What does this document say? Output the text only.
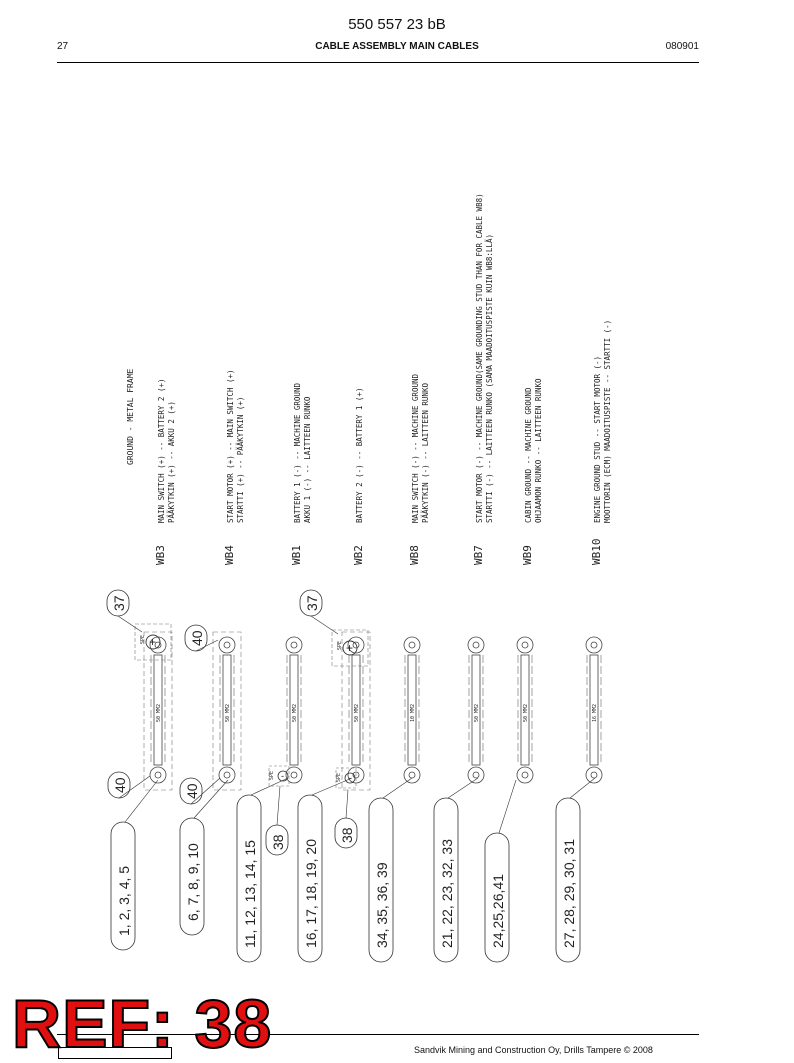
550 557 23 bB
27	CABLE ASSEMBLY MAIN CABLES	080901
GROUND - METAL FRAME
WB3
MAIN SWITCH (+) -- BATTERY 2 (+) PÄÄKYTKIN (+) -- AKKU 2 (+)
50 MM2
1, 2, 3, 4, 5
WB4
START MOTOR (+) -- MAIN SWITCH (+) STARTTI (+) -- PÄÄKYTKIN (+)
50 MM2
6, 7, 8, 9, 10
WB1
BATTERY 1 (-) -- MACHINE GROUND AKKU 1 (-) -- LAITTEEN RUNKO
50 MM2
11, 12, 13, 14, 15
WB2
BATTERY 2 (-) -- BATTERY 1 (+)
50 MM2
16, 17, 18, 19, 20
WB8
MAIN SWITCH (-) -- MACHINE GROUND PÄÄKYTKIN (-) -- LAITTEEN RUNKO
10 MM2
34, 35, 36, 39
WB7
START MOTOR (-) -- MACHINE GROUND(SAME GROUNDING STUD THAN FOR CABLE WB8) STARTTI (-) -- LAITTEEN RUNKO (SAMA MAADOITUSPISTE KUIN WB8:LLÄ)
50 MM2
21, 22, 23, 32, 33
WB9
CABIN GROUND -- MACHINE GROUND OHJAAMON RUNKO -- LAITTEEN RUNKO
50 MM2
24,25,26,41
WB10
ENGINE GROUND STUD -- START MOTOR (-) MOOTTORIN (ECM) MAADOITUSPISTE -- STARTTI (-)
16 MM2
27, 28, 29, 30, 31
+
SPE
+
SPE
-
SPE	-
SPE
37	37
40
40	40
38	38
Sandvik Mining and Construction Oy, Drills Tampere © 2008
REF: 38
